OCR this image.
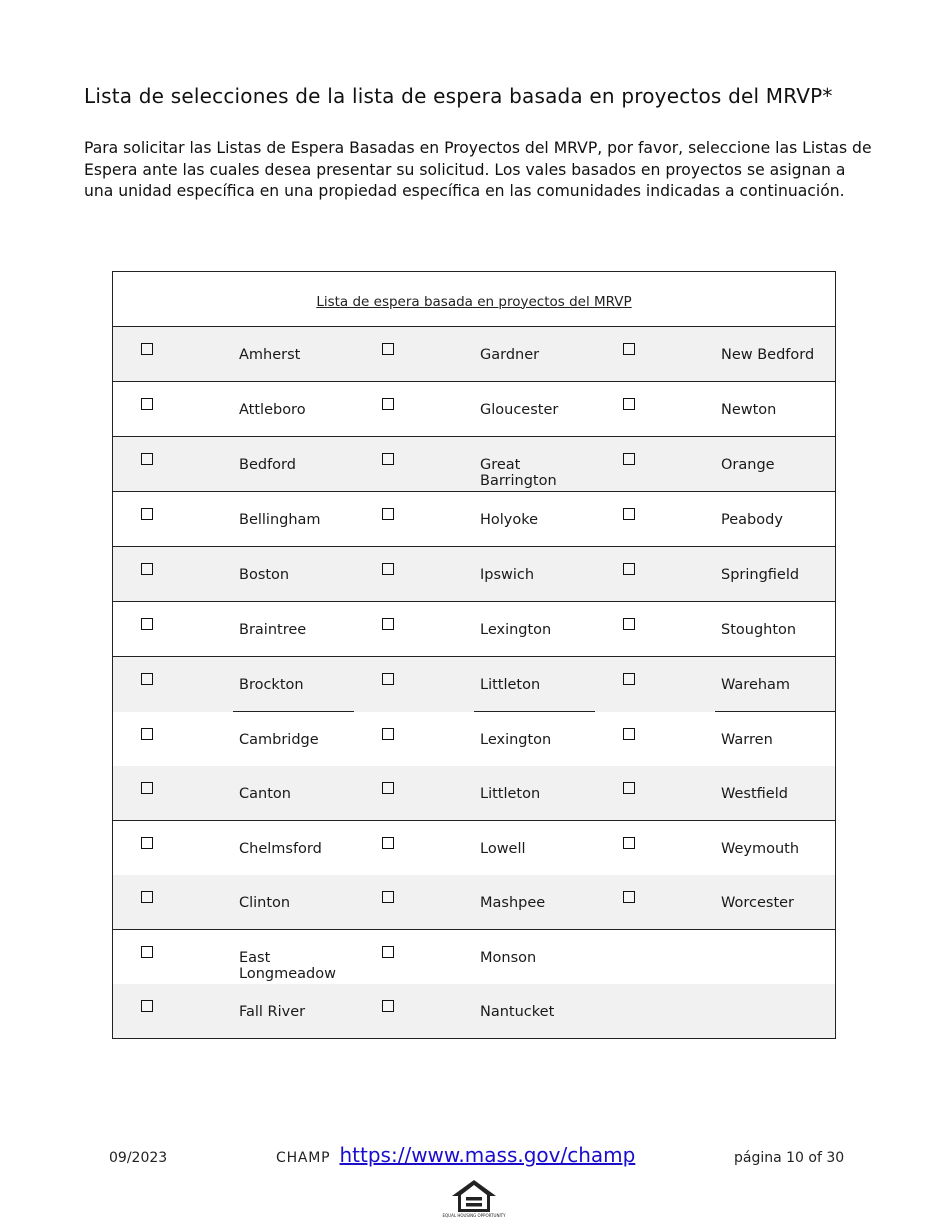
Lista de selecciones de la lista de espera basada en proyectos del MRVP*
Para solicitar las Listas de Espera Basadas en Proyectos del MRVP, por favor, seleccione las Listas de Espera ante las cuales desea presentar su solicitud. Los vales basados en proyectos se asignan a una unidad específica en una propiedad específica en las comunidades indicadas a continuación.
Lista de espera basada en proyectos del MRVP					

	Amherst		Gardner		New Bedford

	Attleboro		Gloucester		Newton

	Bedford		Great Barrington		Orange

	Bellingham		Holyoke		Peabody

	Boston		Ipswich		Springfield

	Braintree		Lexington		Stoughton

	Brockton		Littleton		Wareham

	Cambridge		Lexington		Warren

	Canton		Littleton		Westfield

	Chelmsford		Lowell		Weymouth

	Clinton		Mashpee		Worcester

	East Longmeadow		Monson		

	Fall River		Nantucket		

09/2023	CHAMP https://www.mass.gov/champ	página 10 of 30
EQUAL HOUSING OPPORTUNITY
